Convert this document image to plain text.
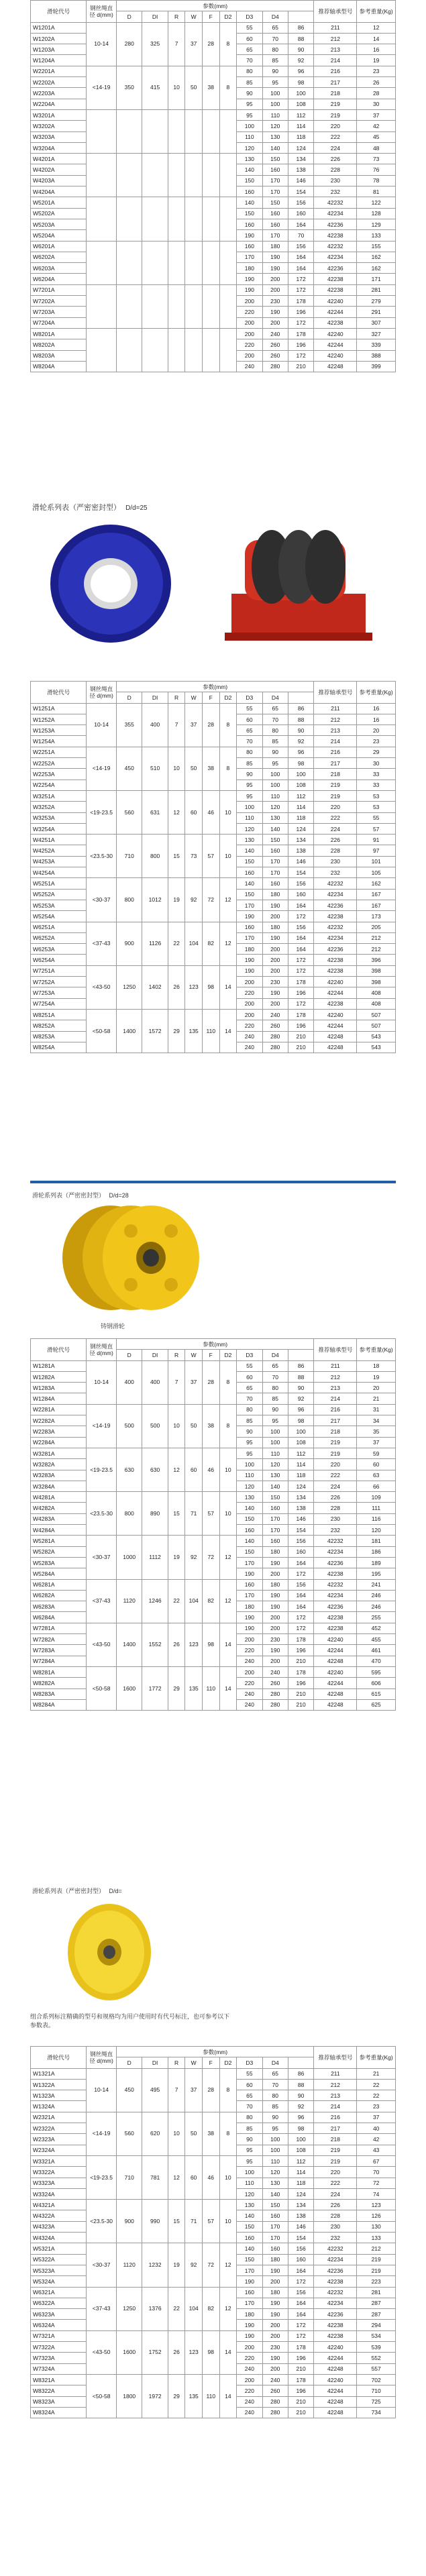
滑轮代号	钢丝绳直径 d(mm)	参数(mm)									推荐轴承型号	参考重量(Kg)
		D	DI	R	W	F	D2	D3	D4			
W1201A	10-14	280	325	7	37	28	8	55	65	86	211	12
W1202A								60	70	88	212	14
W1203A								65	80	90	213	16
W1204A								70	85	92	214	19
W2201A	<14-19	350	415	10	50	38	8	80	90	96	216	23
W2202A								85	95	98	217	26
W2203A								90	100	100	218	28
W2204A								95	100	108	219	30
W3201A								95	110	112	219	37
W3202A								100	120	114	220	42
W3203A								110	130	118	222	45
W3204A								120	140	124	224	48
W4201A								130	150	134	226	73
W4202A								140	160	138	228	76
W4203A								150	170	146	230	78
W4204A								160	170	154	232	81
W5201A								140	150	156	42232	122
W5202A								150	160	160	42234	128
W5203A								160	160	164	42236	129
W5204A								190	170	70	42238	133
W6201A								160	180	156	42232	155
W6202A								170	190	164	42234	162
W6203A								180	190	164	42236	162
W6204A								190	200	172	42238	171
W7201A								190	200	172	42238	281
W7202A								200	230	178	42240	279
W7203A								220	190	196	42244	291
W7204A								200	200	172	42238	307
W8201A								200	240	178	42240	327
W8202A								220	260	196	42244	339
W8203A								200	260	172	42240	388
W8204A								240	280	210	42248	399
滑轮系列表（严密密封型） D/d=25
滑轮代号	钢丝绳直径 d(mm)	参数(mm)									推荐轴承型号	参考重量(Kg)
		D	DI	R	W	F	D2	D3	D4			
W1251A	10-14	355	400	7	37	28	8	55	65	86	211	16
W1252A								60	70	88	212	16
W1253A								65	80	90	213	20
W1254A								70	85	92	214	23
W2251A	<14-19	450	510	10	50	38	8	80	90	96	216	29
W2252A								85	95	98	217	30
W2253A								90	100	100	218	33
W2254A								95	100	108	219	33
W3251A	<19-23.5	560	631	12	60	46	10	95	110	112	219	53
W3252A								100	120	114	220	53
W3253A								110	130	118	222	55
W3254A								120	140	124	224	57
W4251A	<23.5-30	710	800	15	73	57	10	130	150	134	226	91
W4252A								140	160	138	228	97
W4253A								150	170	146	230	101
W4254A								160	170	154	232	105
W5251A	<30-37	800	1012	19	92	72	12	140	160	156	42232	162
W5252A								150	180	160	42234	167
W5253A								170	190	164	42236	167
W5254A								190	200	172	42238	173
W6251A	<37-43	900	1126	22	104	82	12	160	180	156	42232	205
W6252A								170	190	164	42234	212
W6253A								180	200	164	42236	212
W6254A								190	200	172	42238	396
W7251A	<43-50	1250	1402	26	123	98	14	190	200	172	42238	398
W7252A								200	230	178	42240	398
W7253A								220	190	196	42244	408
W7254A								200	200	172	42238	408
W8251A	<50-58	1400	1572	29	135	110	14	200	240	178	42240	507
W8252A								220	260	196	42244	507
W8253A								240	280	210	42248	543
W8254A								240	280	210	42248	543
滑轮系列表（严密密封型） D/d=28
铸钢滑轮
滑轮代号	钢丝绳直径 d(mm)	参数(mm)									推荐轴承型号	参考重量(Kg)
		D	DI	R	W	F	D2	D3	D4			
W1281A	10-14	400	400	7	37	28	8	55	65	86	211	18
W1282A								60	70	88	212	19
W1283A								65	80	90	213	20
W1284A								70	85	92	214	21
W2281A	<14-19	500	500	10	50	38	8	80	90	96	216	31
W2282A								85	95	98	217	34
W2283A								90	100	100	218	35
W2284A								95	100	108	219	37
W3281A	<19-23.5	630	630	12	60	46	10	95	110	112	219	59
W3282A								100	120	114	220	60
W3283A								110	130	118	222	63
W3284A								120	140	124	224	66
W4281A	<23.5-30	800	890	15	71	57	10	130	150	134	226	109
W4282A								140	160	138	228	111
W4283A								150	170	146	230	116
W4284A								160	170	154	232	120
W5281A	<30-37	1000	1112	19	92	72	12	140	160	156	42232	181
W5282A								150	180	160	42234	186
W5283A								170	190	164	42236	189
W5284A								190	200	172	42238	195
W6281A	<37-43	1120	1246	22	104	82	12	160	180	156	42232	241
W6282A								170	190	164	42234	246
W6283A								180	190	164	42236	246
W6284A								190	200	172	42238	255
W7281A	<43-50	1400	1552	26	123	98	14	190	200	172	42238	452
W7282A								200	230	178	42240	455
W7283A								220	190	196	42244	461
W7284A								240	200	210	42248	470
W8281A	<50-58	1600	1772	29	135	110	14	200	240	178	42240	595
W8282A								220	260	196	42244	606
W8283A								240	280	210	42248	615
W8284A								240	280	210	42248	625
滑轮系列表（严密密封型） D/d=
组合系列标注精确的型号和规格均为用户使用时有代号标注，也可参考以下参数表。
滑轮代号	钢丝绳直径 d(mm)	参数(mm)									推荐轴承型号	参考重量(Kg)
		D	DI	R	W	F	D2	D3	D4			
W1321A	10-14	450	495	7	37	28	8	55	65	86	211	21
W1322A								60	70	88	212	22
W1323A								65	80	90	213	22
W1324A								70	85	92	214	23
W2321A	<14-19	560	620	10	50	38	8	80	90	96	216	37
W2322A								85	95	98	217	40
W2323A								90	100	100	218	42
W2324A								95	100	108	219	43
W3321A	<19-23.5	710	781	12	60	46	10	95	110	112	219	67
W3322A								100	120	114	220	70
W3323A								110	130	118	222	72
W3324A								120	140	124	224	74
W4321A	<23.5-30	900	990	15	71	57	10	130	150	134	226	123
W4322A								140	160	138	228	126
W4323A								150	170	146	230	130
W4324A								160	170	154	232	133
W5321A	<30-37	1120	1232	19	92	72	12	140	160	156	42232	212
W5322A								150	180	160	42234	219
W5323A								170	190	164	42236	219
W5324A								190	200	172	42238	223
W6321A	<37-43	1250	1376	22	104	82	12	160	180	156	42232	281
W6322A								170	190	164	42234	287
W6323A								180	190	164	42236	287
W6324A								190	200	172	42238	294
W7321A	<43-50	1600	1752	26	123	98	14	190	200	172	42238	534
W7322A								200	230	178	42240	539
W7323A								220	190	196	42244	552
W7324A								240	200	210	42248	557
W8321A	<50-58	1800	1972	29	135	110	14	200	240	178	42240	702
W8322A								220	260	196	42244	710
W8323A								240	280	210	42248	725
W8324A								240	280	210	42248	734
